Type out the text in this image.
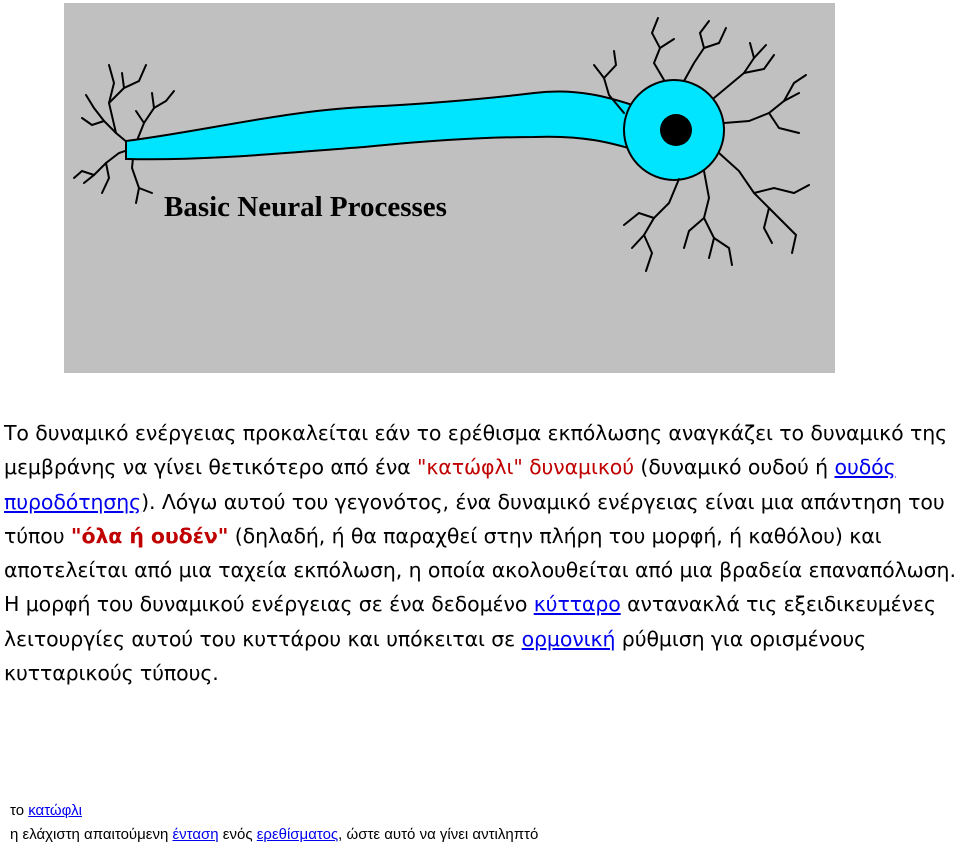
Basic Neural Processes

Το δυναμικό ενέργειας προκαλείται εάν το ερέθισμα εκπόλωσης αναγκάζει το δυναμικό της μεμβράνης να γίνει θετικότερο από ένα "κατώφλι" δυναμικού (δυναμικό ουδού ή ουδός πυροδότησης). Λόγω αυτού του γεγονότος, ένα δυναμικό ενέργειας είναι μια απάντηση του τύπου "όλα ή ουδέν" (δηλαδή, ή θα παραχθεί στην πλήρη του μορφή, ή καθόλου) και αποτελείται από μια ταχεία εκπόλωση, η οποία ακολουθείται από μια βραδεία επαναπόλωση.

Η μορφή του δυναμικού ενέργειας σε ένα δεδομένο κύτταρο αντανακλά τις εξειδικευμένες λειτουργίες αυτού του κυττάρου και υπόκειται σε ορμονική ρύθμιση για ορισμένους κυτταρικούς τύπους.

το κατώφλι

η ελάχιστη απαιτούμενη ένταση ενός ερεθίσματος, ώστε αυτό να γίνει αντιληπτό
